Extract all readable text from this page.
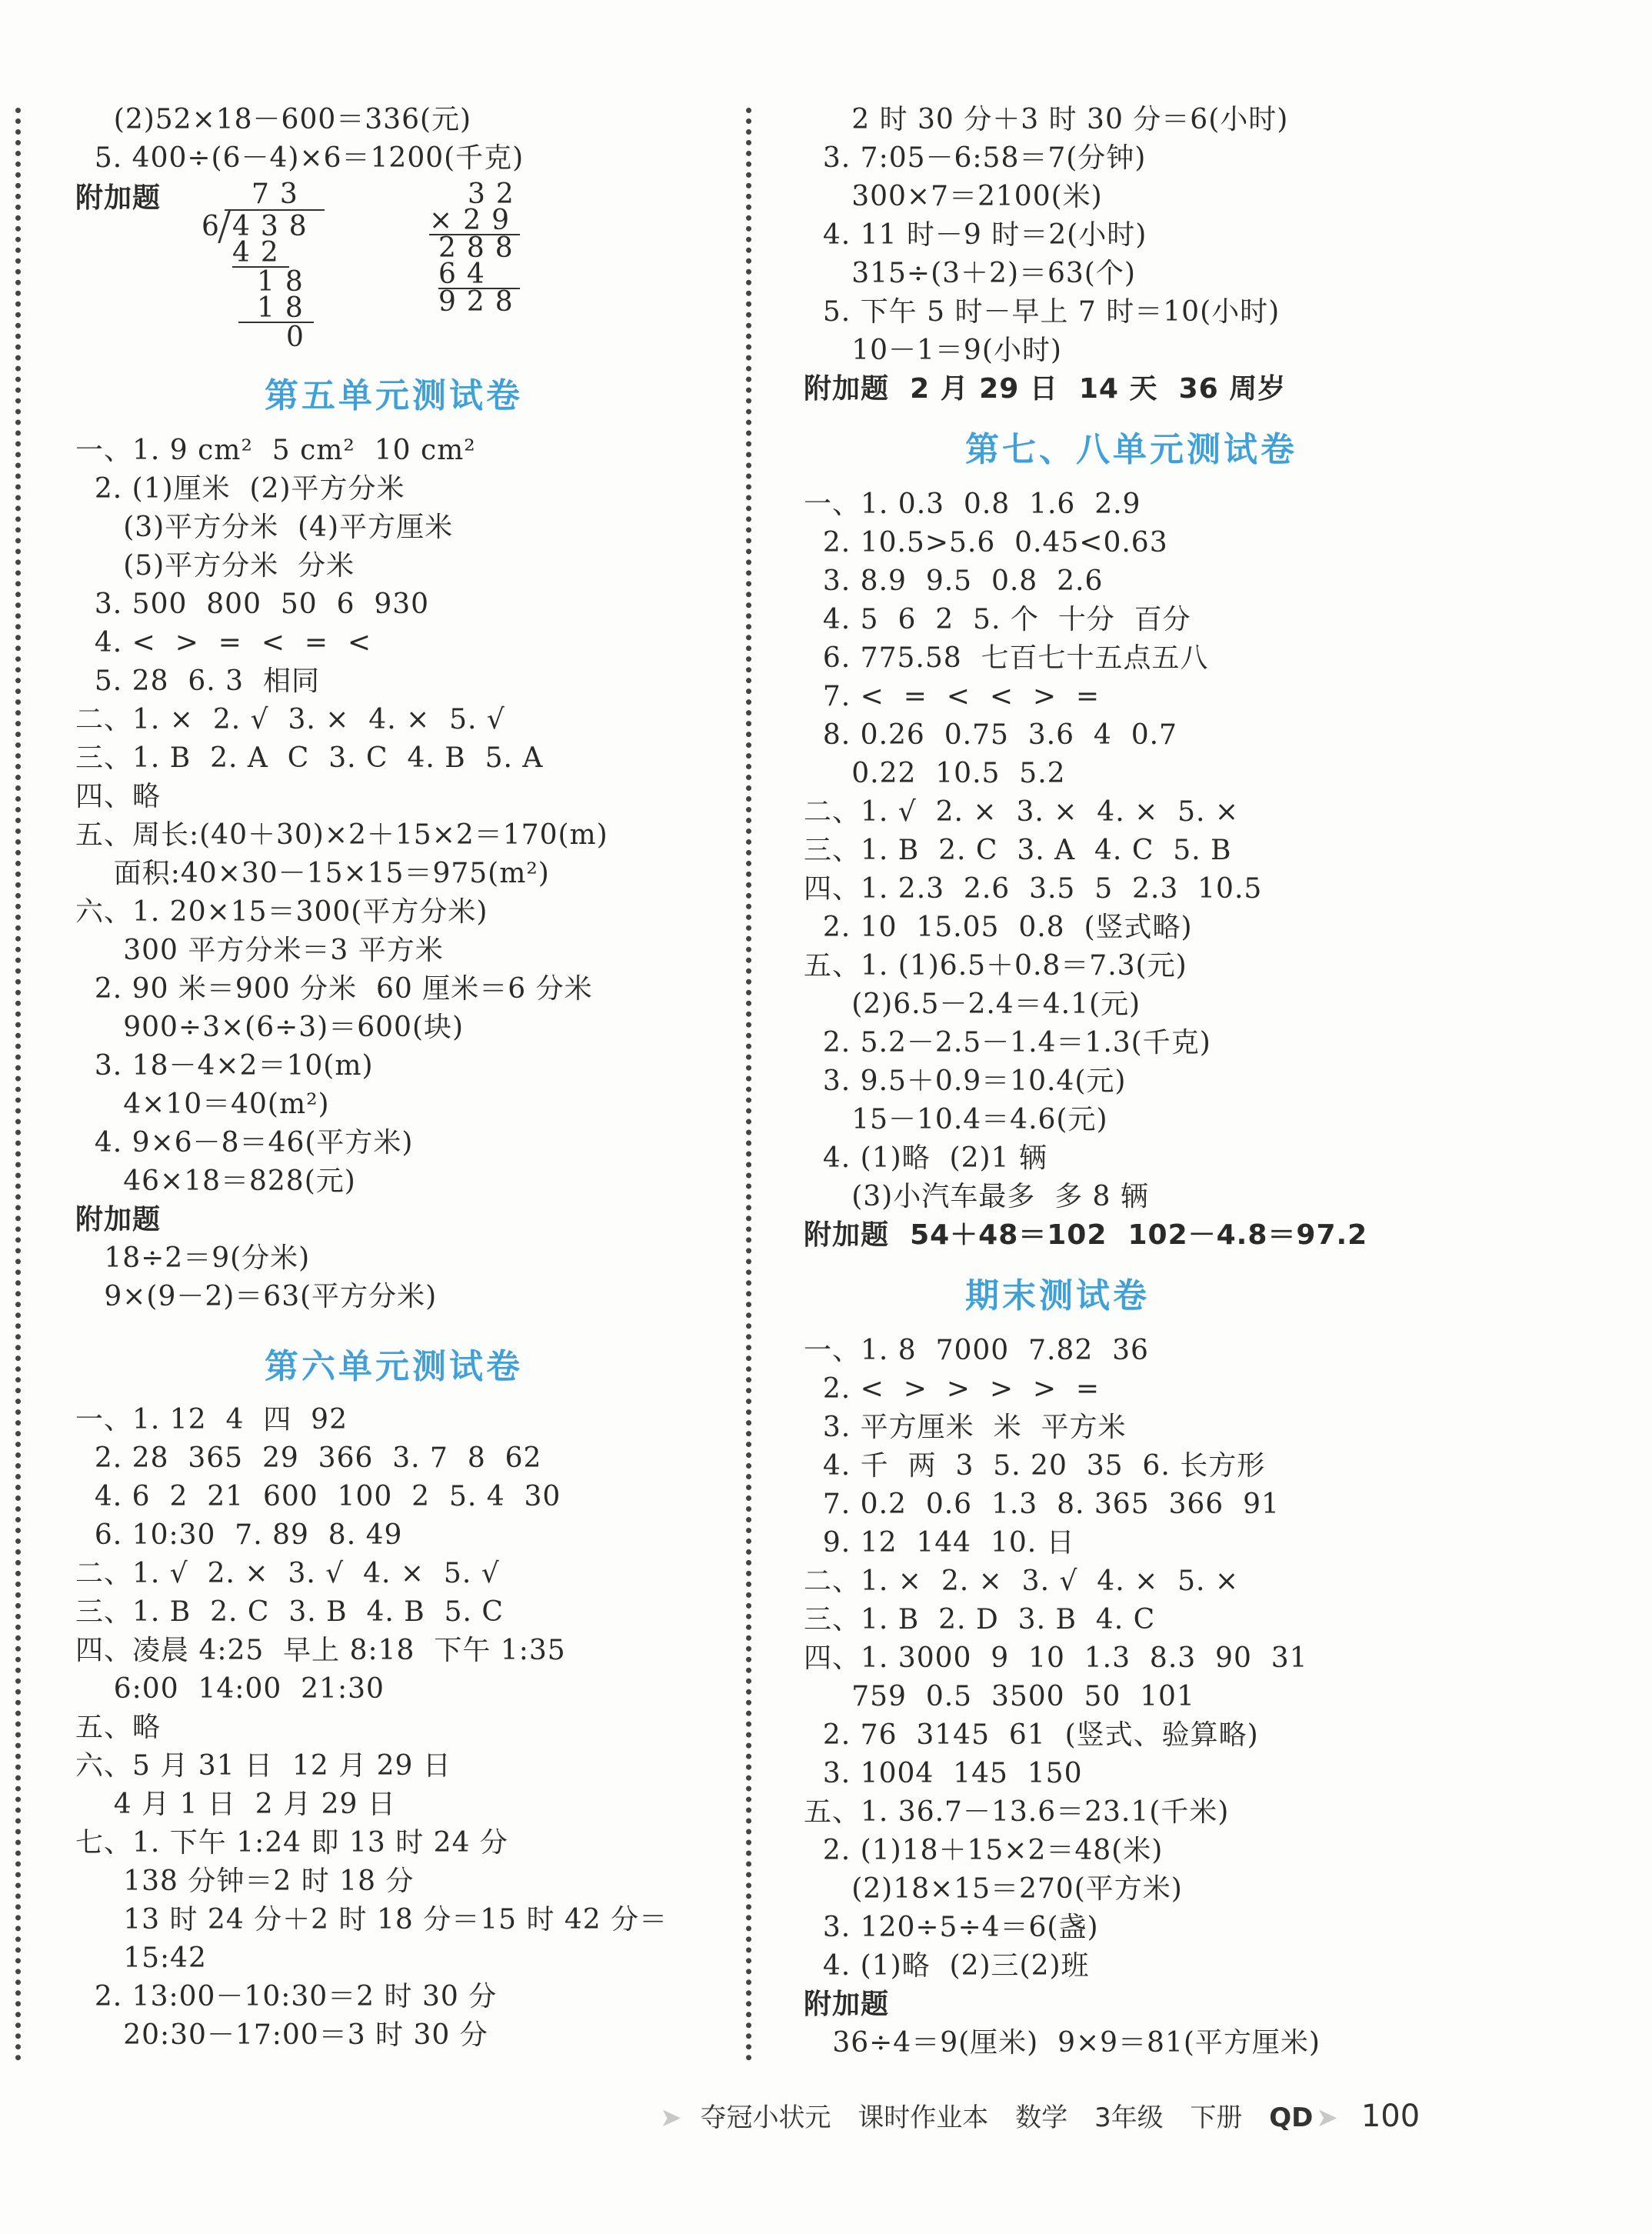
(2)52×18－600＝336(元)
5. 400÷(6－4)×6＝1200(千克)
附加题
第五单元测试卷
一、1. 9 cm²  5 cm²  10 cm²
2. (1)厘米  (2)平方分米
(3)平方分米  (4)平方厘米
(5)平方分米  分米
3. 500  800  50  6  930
4. <  >  =  <  =  <
5. 28  6. 3  相同
二、1. ×  2. √  3. ×  4. ×  5. √
三、1. B  2. A  C  3. C  4. B  5. A
四、略
五、周长:(40＋30)×2＋15×2＝170(m)
面积:40×30－15×15＝975(m²)
六、1. 20×15＝300(平方分米)
300 平方分米＝3 平方米
2. 90 米＝900 分米  60 厘米＝6 分米
900÷3×(6÷3)＝600(块)
3. 18－4×2＝10(m)
4×10＝40(m²)
4. 9×6－8＝46(平方米)
46×18＝828(元)
附加题
18÷2＝9(分米)
9×(9－2)＝63(平方分米)
第六单元测试卷
一、1. 12  4  四  92
2. 28  365  29  366  3. 7  8  62
4. 6  2  21  600  100  2  5. 4  30
6. 10:30  7. 89  8. 49
二、1. √  2. ×  3. √  4. ×  5. √
三、1. B  2. C  3. B  4. B  5. C
四、凌晨 4:25  早上 8:18  下午 1:35
6:00  14:00  21:30
五、略
六、5 月 31 日  12 月 29 日
4 月 1 日  2 月 29 日
七、1. 下午 1:24 即 13 时 24 分
138 分钟＝2 时 18 分
13 时 24 分＋2 时 18 分＝15 时 42 分＝
15:42
2. 13:00－10:30＝2 时 30 分
20:30－17:00＝3 时 30 分
2 时 30 分＋3 时 30 分＝6(小时)
3. 7:05－6:58＝7(分钟)
300×7＝2100(米)
4. 11 时－9 时＝2(小时)
315÷(3＋2)＝63(个)
5. 下午 5 时－早上 7 时＝10(小时)
10－1＝9(小时)
附加题  2 月 29 日  14 天  36 周岁
第七、八单元测试卷
一、1. 0.3  0.8  1.6  2.9
2. 10.5>5.6  0.45<0.63
3. 8.9  9.5  0.8  2.6
4. 5  6  2  5. 个  十分  百分
6. 775.58  七百七十五点五八
7. <  =  <  <  >  =
8. 0.26  0.75  3.6  4  0.7
0.22  10.5  5.2
二、1. √  2. ×  3. ×  4. ×  5. ×
三、1. B  2. C  3. A  4. C  5. B
四、1. 2.3  2.6  3.5  5  2.3  10.5
2. 10  15.05  0.8  (竖式略)
五、1. (1)6.5＋0.8＝7.3(元)
(2)6.5－2.4＝4.1(元)
2. 5.2－2.5－1.4＝1.3(千克)
3. 9.5＋0.9＝10.4(元)
15－10.4＝4.6(元)
4. (1)略  (2)1 辆
(3)小汽车最多  多 8 辆
附加题  54＋48＝102  102－4.8＝97.2
期末测试卷
一、1. 8  7000  7.82  36
2. <  >  >  >  >  =
3. 平方厘米  米  平方米
4. 千  两  3  5. 20  35  6. 长方形
7. 0.2  0.6  1.3  8. 365  366  91
9. 12  144  10. 日
二、1. ×  2. ×  3. √  4. ×  5. ×
三、1. B  2. D  3. B  4. C
四、1. 3000  9  10  1.3  8.3  90  31
759  0.5  3500  50  101
2. 76  3145  61  (竖式、验算略)
3. 1004  145  150
五、1. 36.7－13.6＝23.1(千米)
2. (1)18＋15×2＝48(米)
(2)18×15＝270(平方米)
3. 120÷5÷4＝6(盏)
4. (1)略  (2)三(2)班
附加题
36÷4＝9(厘米)  9×9＝81(平方厘米)
73
6 438
42
18
18
0
32
×29
288
64
928
➤ 夺冠小状元 课时作业本 数学 3年级 下册 QD ➤ 100
